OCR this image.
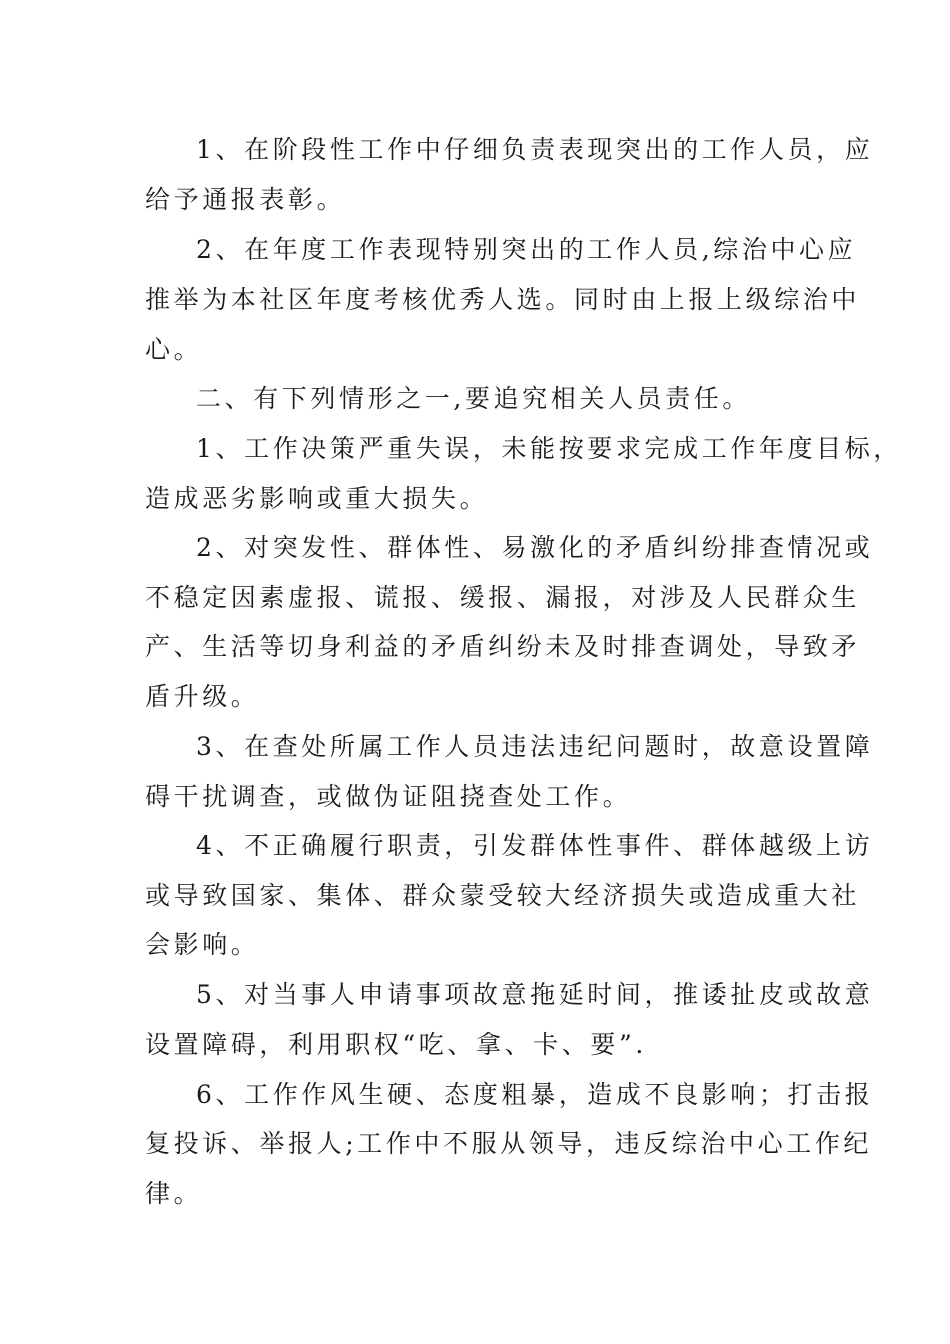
1、在阶段性工作中仔细负责表现突出的工作人员，应
给予通报表彰。
2、在年度工作表现特别突出的工作人员,综治中心应
推举为本社区年度考核优秀人选。同时由上报上级综治中
心。
二、有下列情形之一,要追究相关人员责任。
1、工作决策严重失误，未能按要求完成工作年度目标，
造成恶劣影响或重大损失。
2、对突发性、群体性、易激化的矛盾纠纷排查情况或
不稳定因素虚报、谎报、缓报、漏报，对涉及人民群众生
产、生活等切身利益的矛盾纠纷未及时排查调处，导致矛
盾升级。
3、在查处所属工作人员违法违纪问题时，故意设置障
碍干扰调查，或做伪证阻挠查处工作。
4、不正确履行职责，引发群体性事件、群体越级上访
或导致国家、集体、群众蒙受较大经济损失或造成重大社
会影响。
5、对当事人申请事项故意拖延时间，推诿扯皮或故意
设置障碍，利用职权“吃、拿、卡、要”.
6、工作作风生硬、态度粗暴，造成不良影响；打击报
复投诉、举报人;工作中不服从领导，违反综治中心工作纪
律。
